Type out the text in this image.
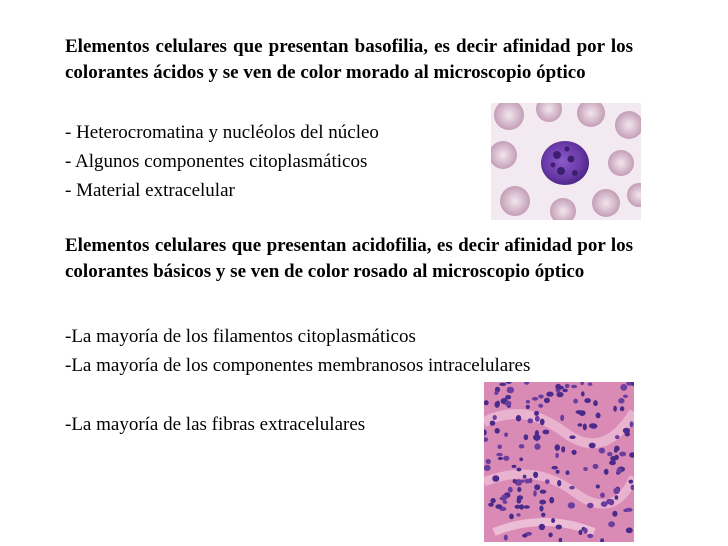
Elementos celulares que presentan basofilia, es decir afinidad por los colorantes ácidos y se ven de color morado al microscopio óptico

- Heterocromatina y nucléolos del núcleo

- Algunos componentes citoplasmáticos

- Material extracelular

Elementos celulares que presentan acidofilia, es decir afinidad por los colorantes básicos y se ven de color rosado al microscopio óptico

-La mayoría de los filamentos citoplasmáticos

-La mayoría de los componentes membranosos intracelulares

-La mayoría de las fibras extracelulares
